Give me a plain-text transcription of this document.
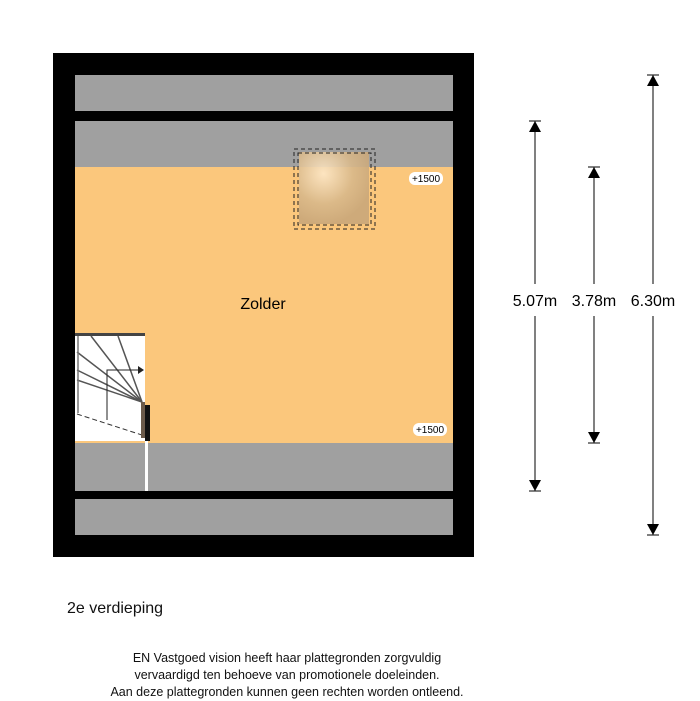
Zolder
+1500
+1500
5.07m 3.78m 6.30m
2e verdieping
EN Vastgoed vision heeft haar plattegronden zorgvuldig
vervaardigd ten behoeve van promotionele doeleinden.
Aan deze plattegronden kunnen geen rechten worden ontleend.
